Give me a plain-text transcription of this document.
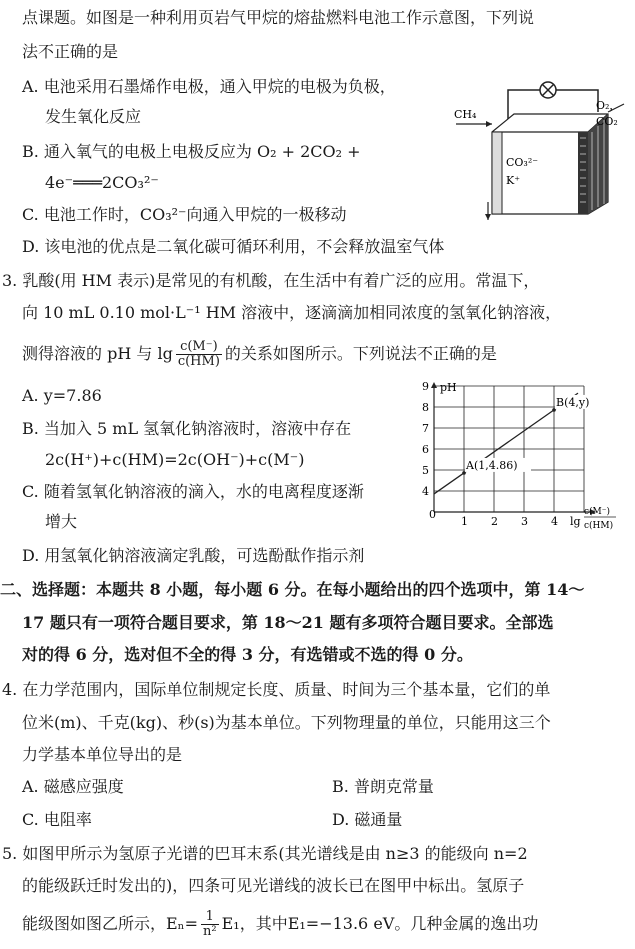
点课题。如图是一种利用页岩气甲烷的熔盐燃料电池工作示意图，下列说
法不正确的是
A. 电池采用石墨烯作电极，通入甲烷的电极为负极，
发生氧化反应
B. 通入氧气的电极上电极反应为 O₂ + 2CO₂ +
4e⁻═══2CO₃²⁻
C. 电池工作时，CO₃²⁻向通入甲烷的一极移动
D. 该电池的优点是二氧化碳可循环利用，不会释放温室气体
CH₄
O₂，
CO₂
CO₃²⁻
K⁺
3. 乳酸(用 HM 表示)是常见的有机酸，在生活中有着广泛的应用。常温下，
向 10 mL 0.10 mol·L⁻¹ HM 溶液中，逐滴滴加相同浓度的氢氧化钠溶液，
测得溶液的 pH 与 $\lg \frac{c(M^-)}{c(HM)}$ 的关系如图所示。下列说法不正确的是
A. y=7.86
B. 当加入 5 mL 氢氧化钠溶液时，溶液中存在
2c(H⁺)+c(HM)=2c(OH⁻)+c(M⁻)
C. 随着氢氧化钠溶液的滴入，水的电离程度逐渐
增大
D. 用氢氧化钠溶液滴定乳酸，可选酚酞作指示剂
1 2 3 4
4
5
6
7
8
9
A(1,4.86)
B(4,y)
pH
0
lg
c(M⁻)
c(HM)
二、选择题：本题共 8 小题，每小题 6 分。在每小题给出的四个选项中，第 14～
17 题只有一项符合题目要求，第 18～21 题有多项符合题目要求。全部选
对的得 6 分，选对但不全的得 3 分，有选错或不选的得 0 分。
4. 在力学范围内，国际单位制规定长度、质量、时间为三个基本量，它们的单
位米(m)、千克(kg)、秒(s)为基本单位。下列物理量的单位，只能用这三个
力学基本单位导出的是
A. 磁感应强度	B. 普朗克常量
C. 电阻率	D. 磁通量
5. 如图甲所示为氢原子光谱的巴耳末系(其光谱线是由 n≥3 的能级向 n=2
的能级跃迁时发出的)，四条可见光谱线的波长已在图甲中标出。氢原子
能级图如图乙所示，$E_n= \frac{1}{\text{n²}} E_1$，其中E₁=−13.6 eV。几种金属的逸出功
